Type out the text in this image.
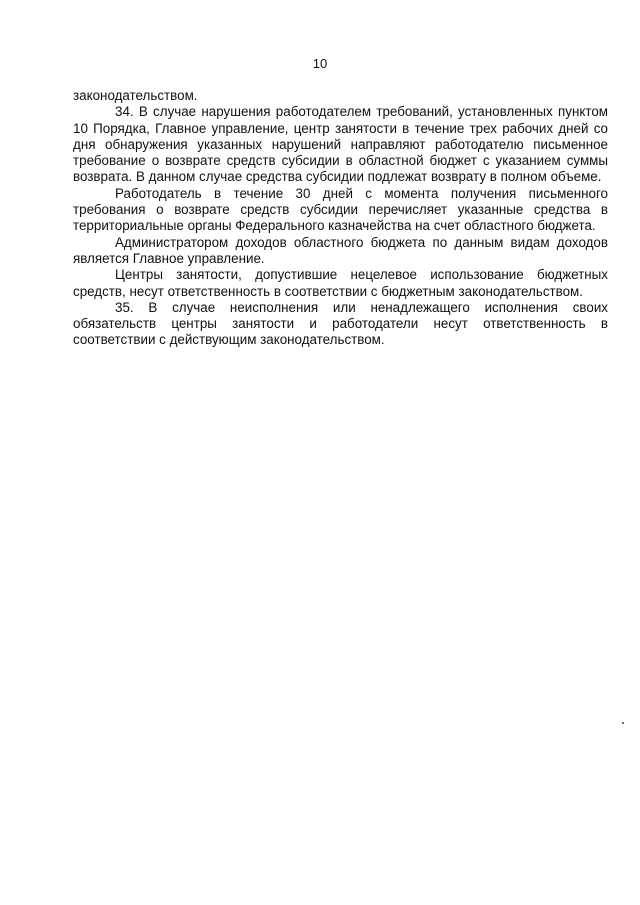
10

законодательством.

34. В случае нарушения работодателем требований, установленных пунктом 10 Порядка, Главное управление, центр занятости в течение трех рабочих дней со дня обнаружения указанных нарушений направляют работодателю письменное требование о возврате средств субсидии в областной бюджет с указанием суммы возврата. В данном случае средства субсидии подлежат возврату в полном объеме.

Работодатель в течение 30 дней с момента получения письменного требования о возврате средств субсидии перечисляет указанные средства в территориальные органы Федерального казначейства на счет областного бюджета.

Администратором доходов областного бюджета по данным видам доходов является Главное управление.

Центры занятости, допустившие нецелевое использование бюджетных средств, несут ответственность в соответствии с бюджетным законодательством.

35. В случае неисполнения или ненадлежащего исполнения своих обязательств центры занятости и работодатели несут ответственность в соответствии с действующим законодательством.
